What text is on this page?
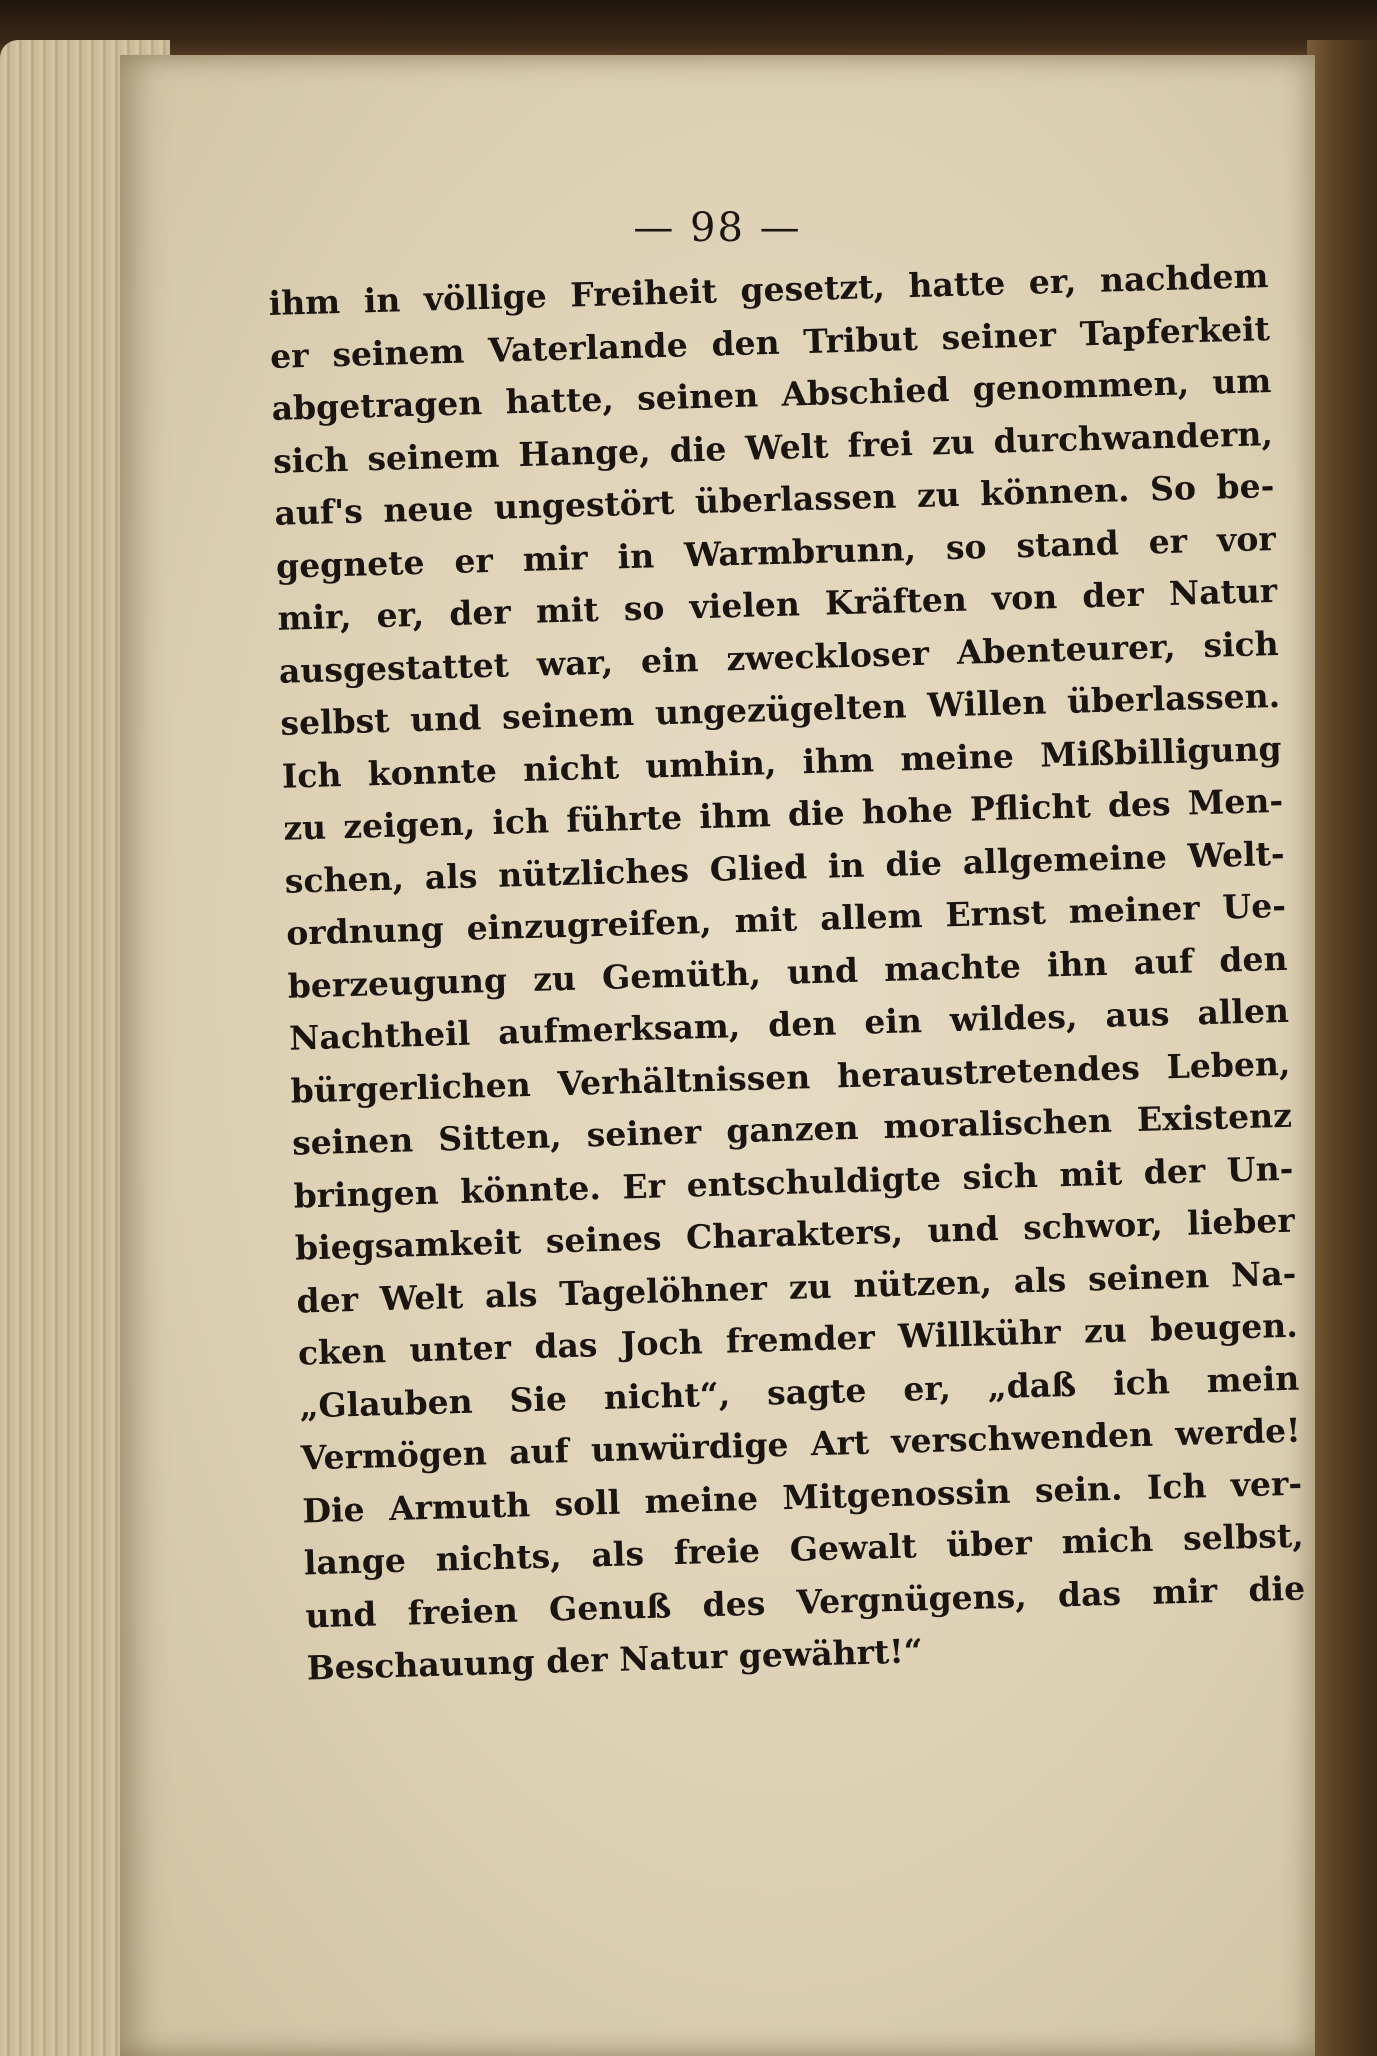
— 98 —
ihm in völlige Freiheit gesetzt, hatte er, nachdem
er seinem Vaterlande den Tribut seiner Tapferkeit
abgetragen hatte, seinen Abschied genommen, um
sich seinem Hange, die Welt frei zu durchwandern,
auf's neue ungestört überlassen zu können. So be-
gegnete er mir in Warmbrunn, so stand er vor
mir, er, der mit so vielen Kräften von der Natur
ausgestattet war, ein zweckloser Abenteurer, sich
selbst und seinem ungezügelten Willen überlassen.
Ich konnte nicht umhin, ihm meine Mißbilligung
zu zeigen, ich führte ihm die hohe Pflicht des Men-
schen, als nützliches Glied in die allgemeine Welt-
ordnung einzugreifen, mit allem Ernst meiner Ue-
berzeugung zu Gemüth, und machte ihn auf den
Nachtheil aufmerksam, den ein wildes, aus allen
bürgerlichen Verhältnissen heraustretendes Leben,
seinen Sitten, seiner ganzen moralischen Existenz
bringen könnte. Er entschuldigte sich mit der Un-
biegsamkeit seines Charakters, und schwor, lieber
der Welt als Tagelöhner zu nützen, als seinen Na-
cken unter das Joch fremder Willkühr zu beugen.
„Glauben Sie nicht“, sagte er, „daß ich mein
Vermögen auf unwürdige Art verschwenden werde!
Die Armuth soll meine Mitgenossin sein. Ich ver-
lange nichts, als freie Gewalt über mich selbst,
und freien Genuß des Vergnügens, das mir die
Beschauung der Natur gewährt!“
